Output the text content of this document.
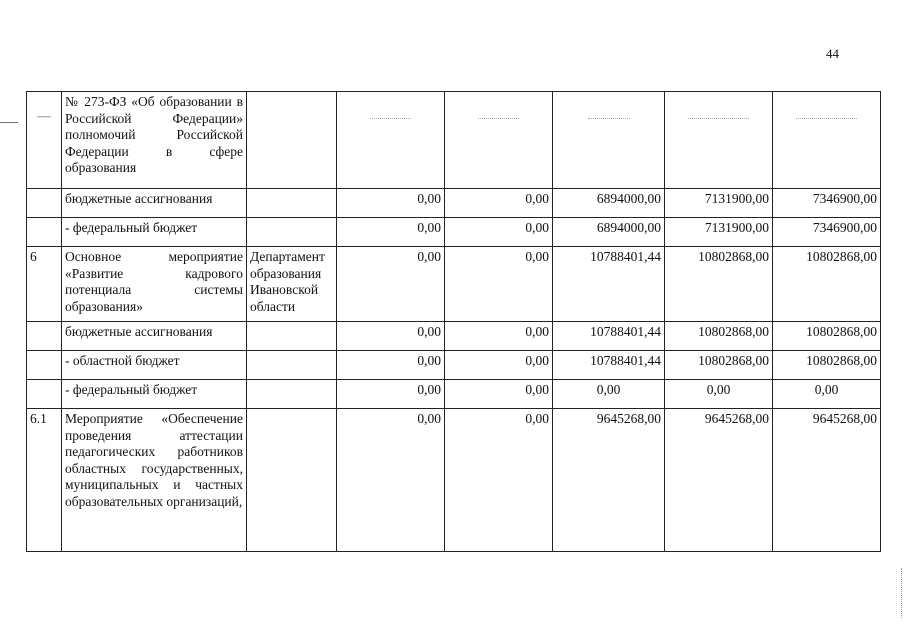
44
—	№ 273-ФЗ «Об образовании в Российской Федерации» полномочий Российской Федерации в сфере образования		

	бюджетные ассигнования		0,00	0,00	6894000,00	7131900,00	7346900,00
	- федеральный бюджет		0,00	0,00	6894000,00	7131900,00	7346900,00
6	Основное мероприятие «Развитие кадрового потенциала системы образования»	Департамент образования Ивановской области	0,00	0,00	10788401,44	10802868,00	10802868,00
	бюджетные ассигнования		0,00	0,00	10788401,44	10802868,00	10802868,00
	- областной бюджет		0,00	0,00	10788401,44	10802868,00	10802868,00
	- федеральный бюджет		0,00	0,00	0,00	0,00	0,00
6.1	Мероприятие «Обеспечение проведения аттестации педагогических работников областных государственных, муниципальных и частных образовательных организаций,		0,00	0,00	9645268,00	9645268,00	9645268,00
